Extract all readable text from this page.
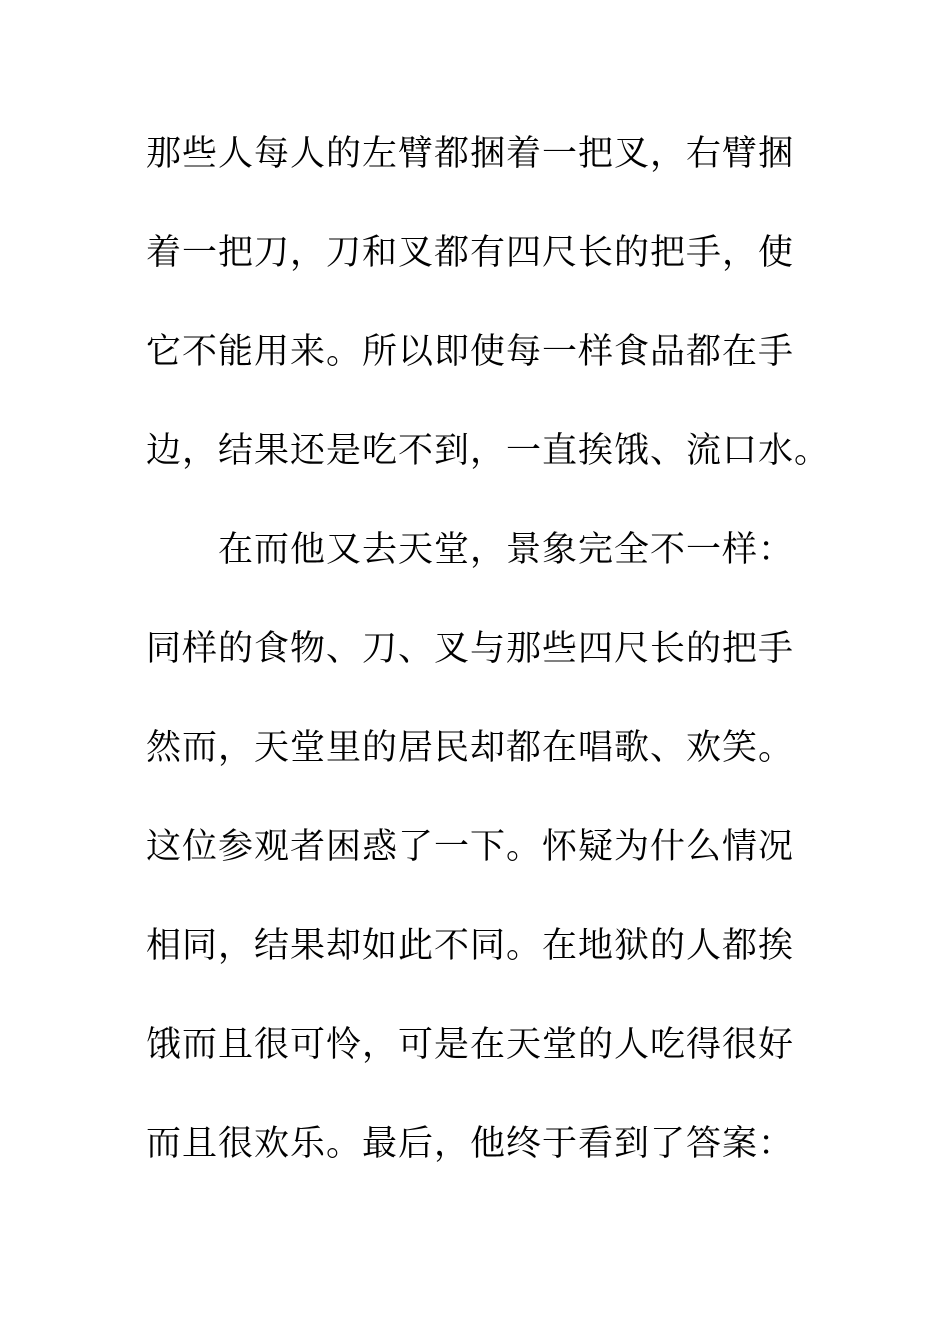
那些人每人的左臂都捆着一把叉，右臂捆
着一把刀，刀和叉都有四尺长的把手，使
它不能用来。所以即使每一样食品都在手
边，结果还是吃不到，一直挨饿、流口水。
在而他又去天堂，景象完全不一样：
同样的食物、刀、叉与那些四尺长的把手
然而，天堂里的居民却都在唱歌、欢笑。
这位参观者困惑了一下。怀疑为什么情况
相同，结果却如此不同。在地狱的人都挨
饿而且很可怜，可是在天堂的人吃得很好
而且很欢乐。最后，他终于看到了答案：
